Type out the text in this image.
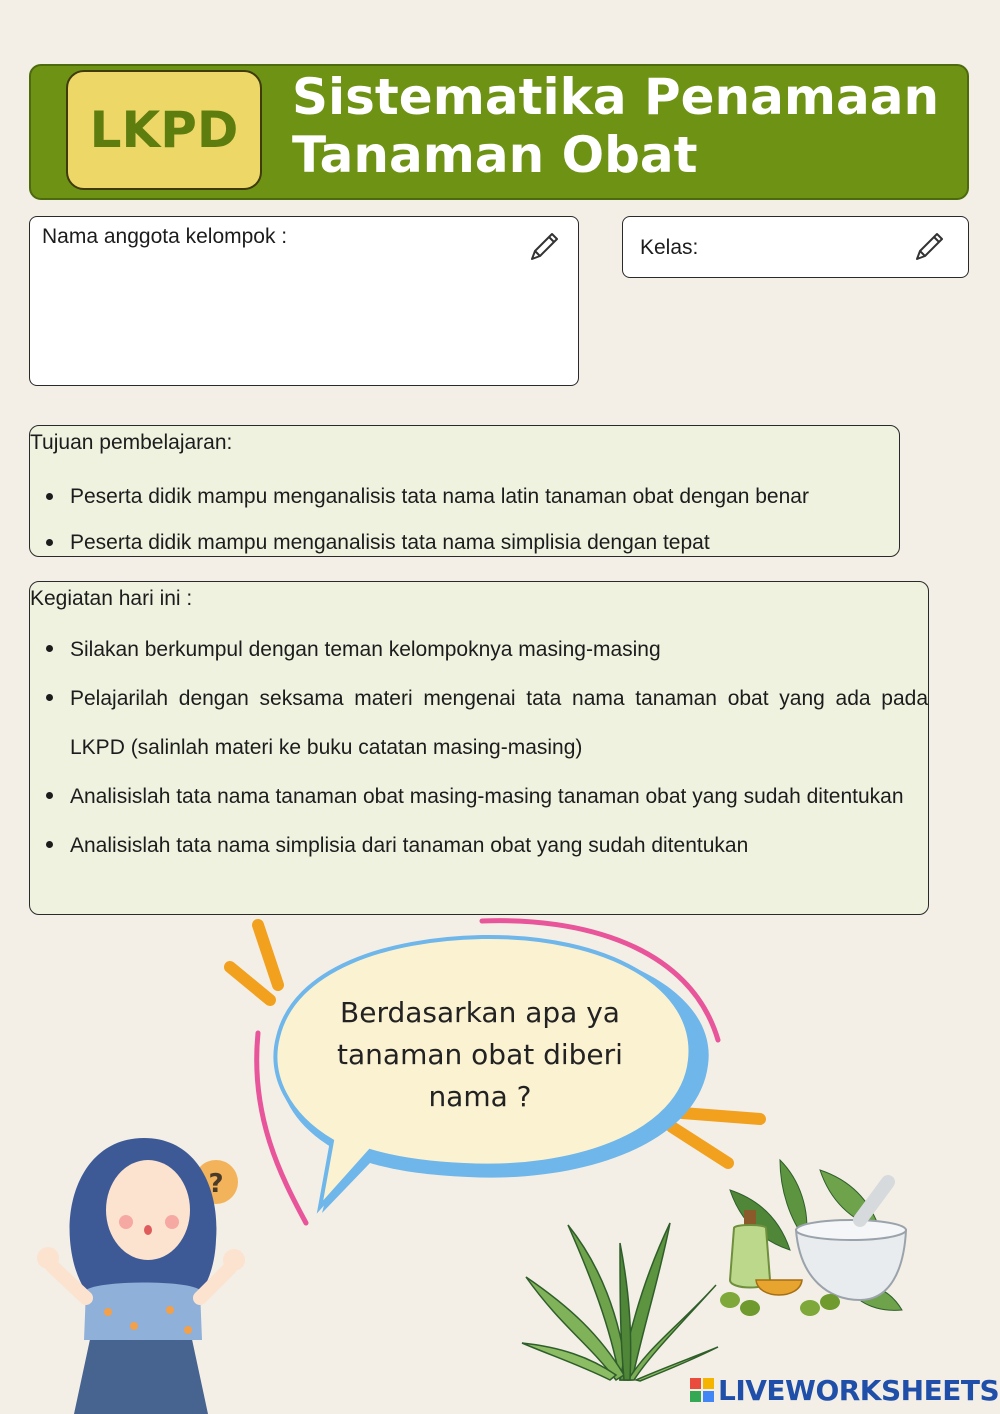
LKPD
Sistematika Penamaan
Tanaman Obat
Nama anggota kelompok :	Kelas:
Tujuan pembelajaran:
Peserta didik mampu menganalisis tata nama latin tanaman obat dengan benar
Peserta didik mampu menganalisis tata nama simplisia dengan tepat
Kegiatan hari ini :
Silakan berkumpul dengan teman kelompoknya masing-masing
Pelajarilah dengan seksama materi mengenai tata nama tanaman obat yang ada pada LKPD (salinlah materi ke buku catatan masing-masing)
Analisislah tata nama tanaman obat masing-masing tanaman obat yang sudah ditentukan
Analisislah tata nama simplisia dari tanaman obat yang sudah ditentukan
Berdasarkan apa ya
tanaman obat diberi
nama ?
?
LIVEWORKSHEETS
